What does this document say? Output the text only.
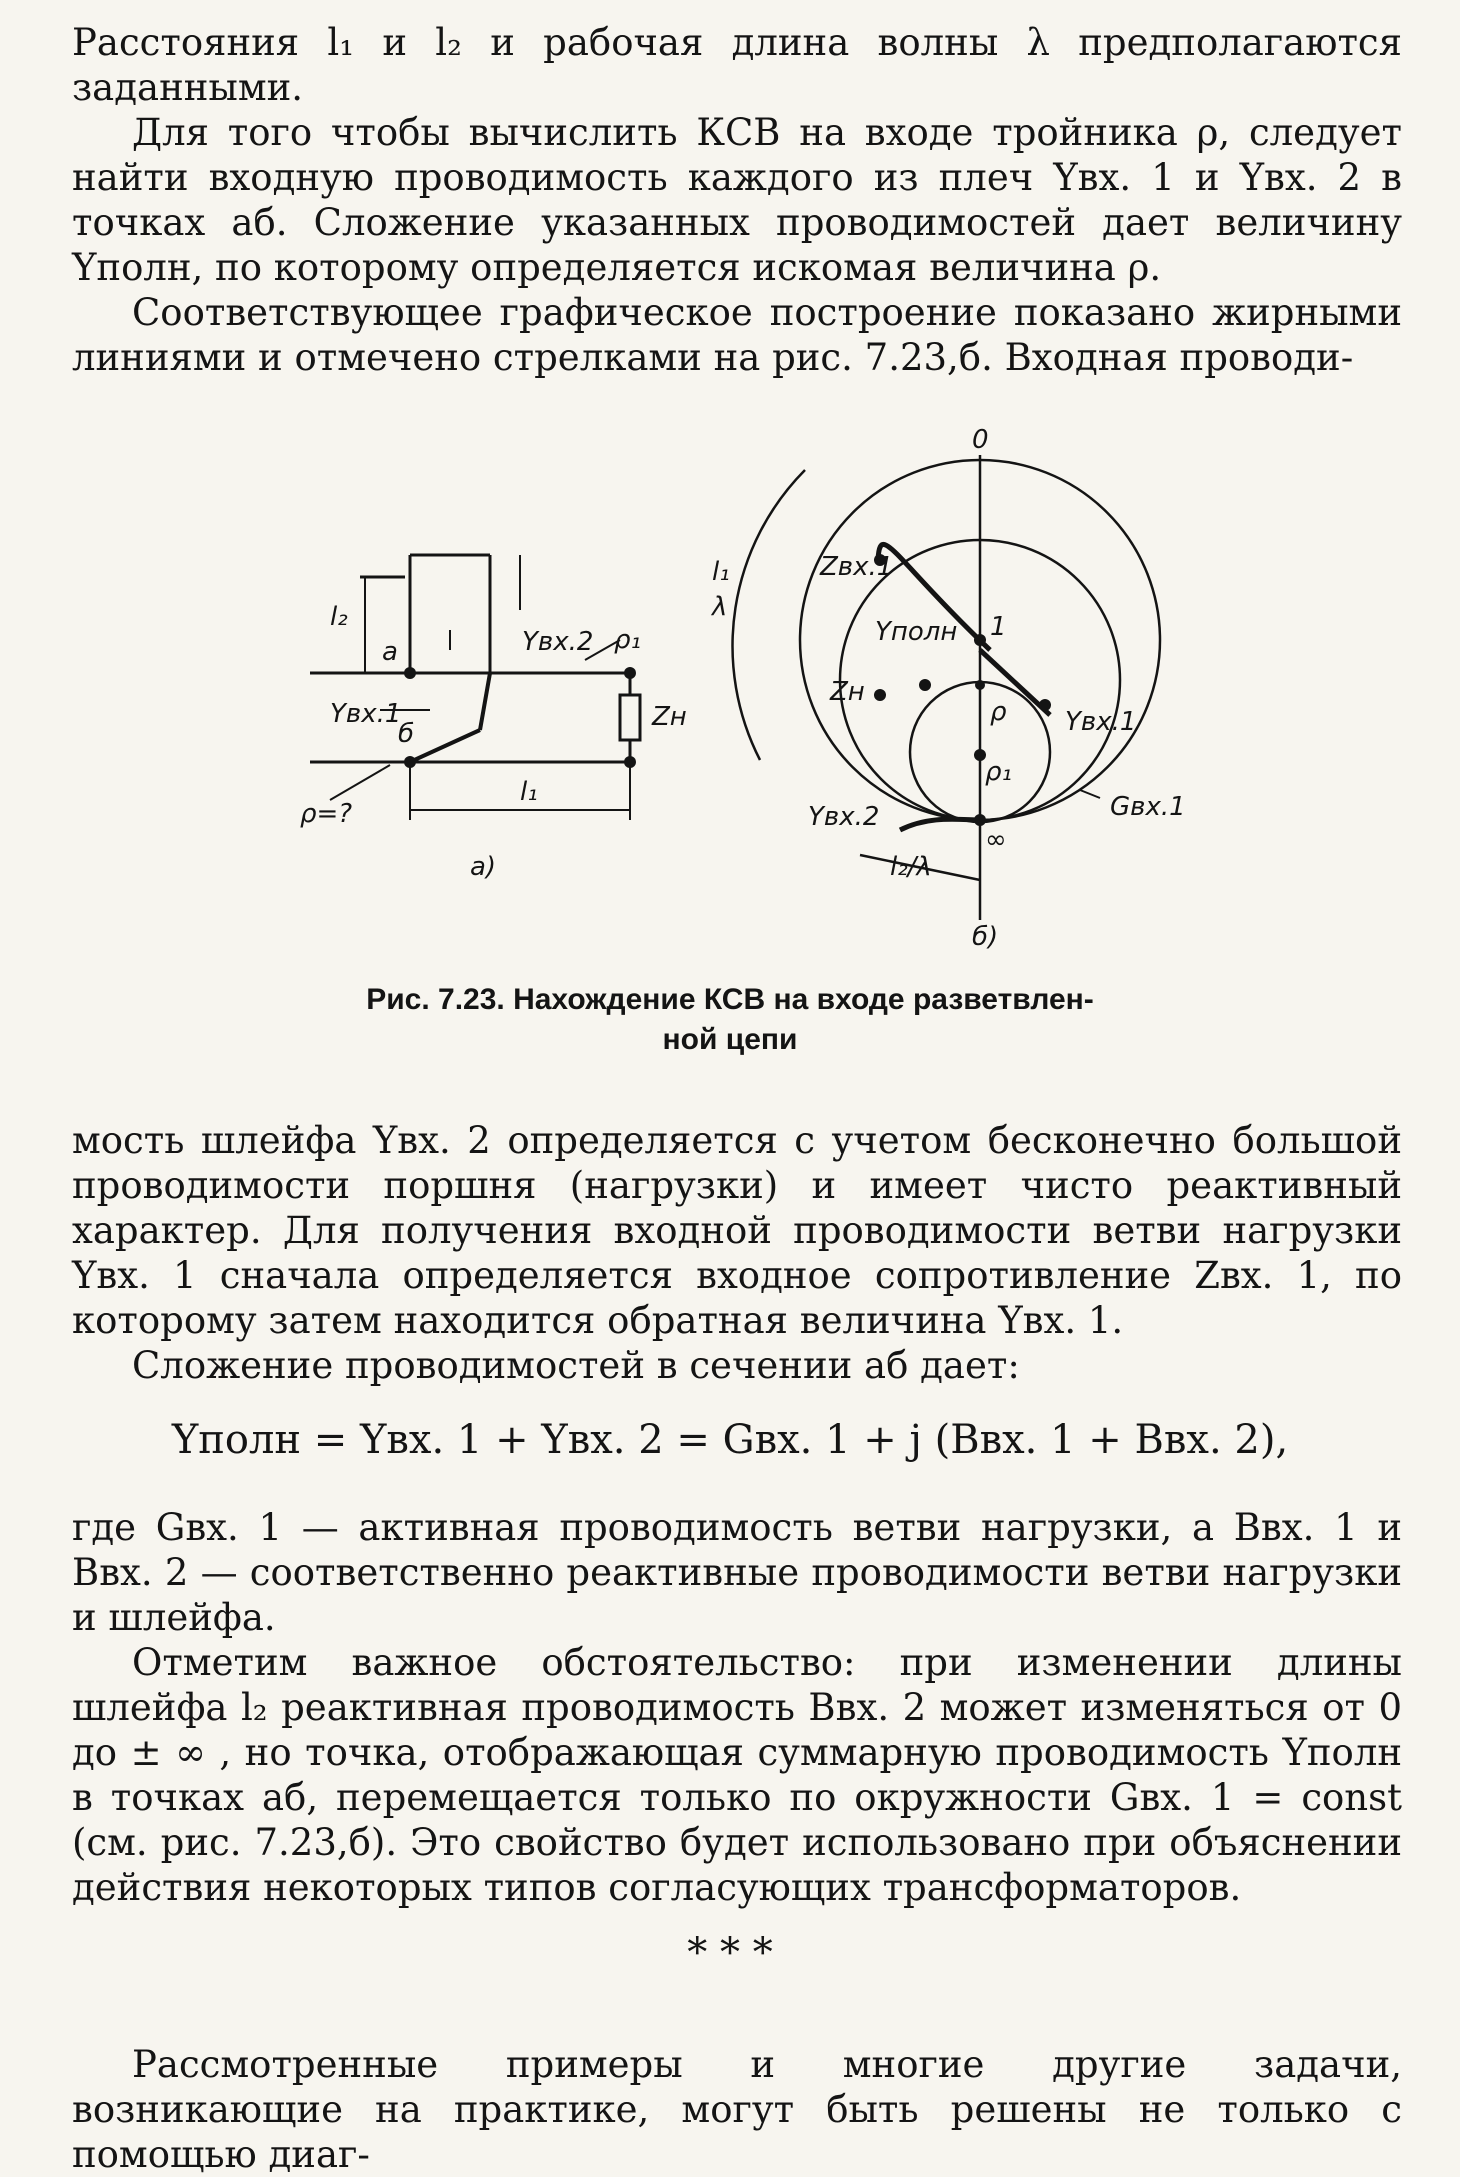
Расстояния l₁ и l₂ и рабочая длина волны λ предполагаются заданными.

Для того чтобы вычислить КСВ на входе тройника ρ, следует найти входную проводимость каждого из плеч Yвх. 1 и Yвх. 2 в точках аб. Сложение указанных проводимостей дает величину Yполн, по которому определяется искомая величина ρ.

Соответствующее графическое построение показано жирными линиями и отмечено стрелками на рис. 7.23,б. Входная проводи-

l₂
а
б
Yвх.2 ρ₁
Yвх.1	Zн
ρ=?
l₁
а)
0
l₁
λ
Zвх.1
Yполн 1
Zн
ρ Yвх.1
ρ₁
Yвх.2
∞
Gвх.1
l₂/λ
б)
Рис. 7.23. Нахождение КСВ на входе разветвлен-
ной цепи

мость шлейфа Yвх. 2 определяется с учетом бесконечно большой проводимости поршня (нагрузки) и имеет чисто реактивный характер. Для получения входной проводимости ветви нагрузки Yвх. 1 сначала определяется входное сопротивление Zвх. 1, по которому затем находится обратная величина Yвх. 1.

Сложение проводимостей в сечении аб дает:

Yполн = Yвх. 1 + Yвх. 2 = Gвх. 1 + j (Bвх. 1 + Bвх. 2),

где Gвх. 1 — активная проводимость ветви нагрузки, а Bвх. 1 и Bвх. 2 — соответственно реактивные проводимости ветви нагрузки и шлейфа.

Отметим важное обстоятельство: при изменении длины шлейфа l₂ реактивная проводимость Bвх. 2 может изменяться от 0 до ± ∞ , но точка, отображающая суммарную проводимость Yполн в точках аб, перемещается только по окружности Gвх. 1 = const (см. рис. 7.23,б). Это свойство будет использовано при объяснении действия некоторых типов согласующих трансформаторов.

* * *

Рассмотренные примеры и многие другие задачи, возникающие на практике, могут быть решены не только с помощью диаг-
